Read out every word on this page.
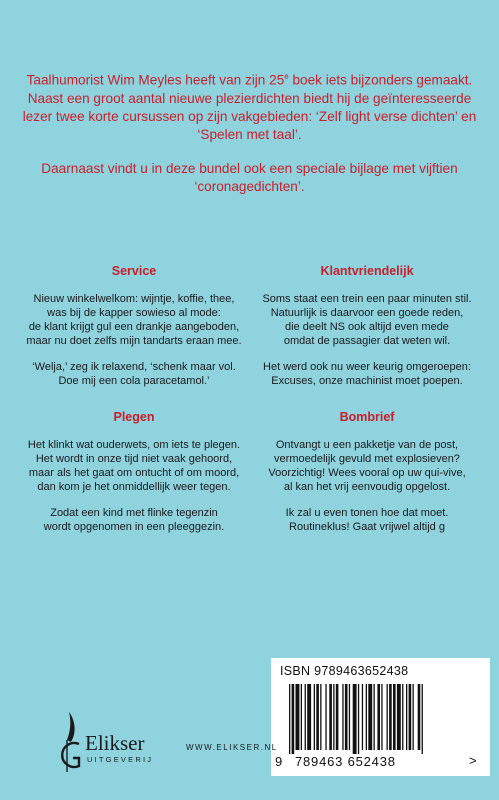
Taalhumorist Wim Meyles heeft van zijn 25e boek iets bijzonders gemaakt. Naast een groot aantal nieuwe plezierdichten biedt hij de geïnteresseerde lezer twee korte cursussen op zijn vakgebieden: ‘Zelf light verse dichten’ en ‘Spelen met taal’.

Daarnaast vindt u in deze bundel ook een speciale bijlage met vijftien ‘coronagedichten’.

Service

Nieuw winkelwelkom: wijntje, koffie, thee,
was bij de kapper sowieso al mode:
de klant krijgt gul een drankje aangeboden,
maar nu doet zelfs mijn tandarts eraan mee.

‘Welja,’ zeg ik relaxend, ‘schenk maar vol.
Doe mij een cola paracetamol.’

Klantvriendelijk

Soms staat een trein een paar minuten stil.
Natuurlijk is daarvoor een goede reden,
die deelt NS ook altijd even mede
omdat de passagier dat weten wil.

Het werd ook nu weer keurig omgeroepen:
Excuses, onze machinist moet poepen.

Plegen

Het klinkt wat ouderwets, om iets te plegen.
Het wordt in onze tijd niet vaak gehoord,
maar als het gaat om ontucht of om moord,
dan kom je het onmiddellijk weer tegen.

Zodat een kind met flinke tegenzin
wordt opgenomen in een pleeggezin.

Bombrief

Ontvangt u een pakketje van de post,
vermoedelijk gevuld met explosieven?
Voorzichtig! Wees vooral op uw qui-vive,
al kan het vrij eenvoudig opgelost.

Ik zal u even tonen hoe dat moet.
Routineklus! Gaat vrijwel altijd g

ISBN 9789463652438
9 789463 652438	>
Elikser
UITGEVERIJ
WWW.ELIKSER.NL
